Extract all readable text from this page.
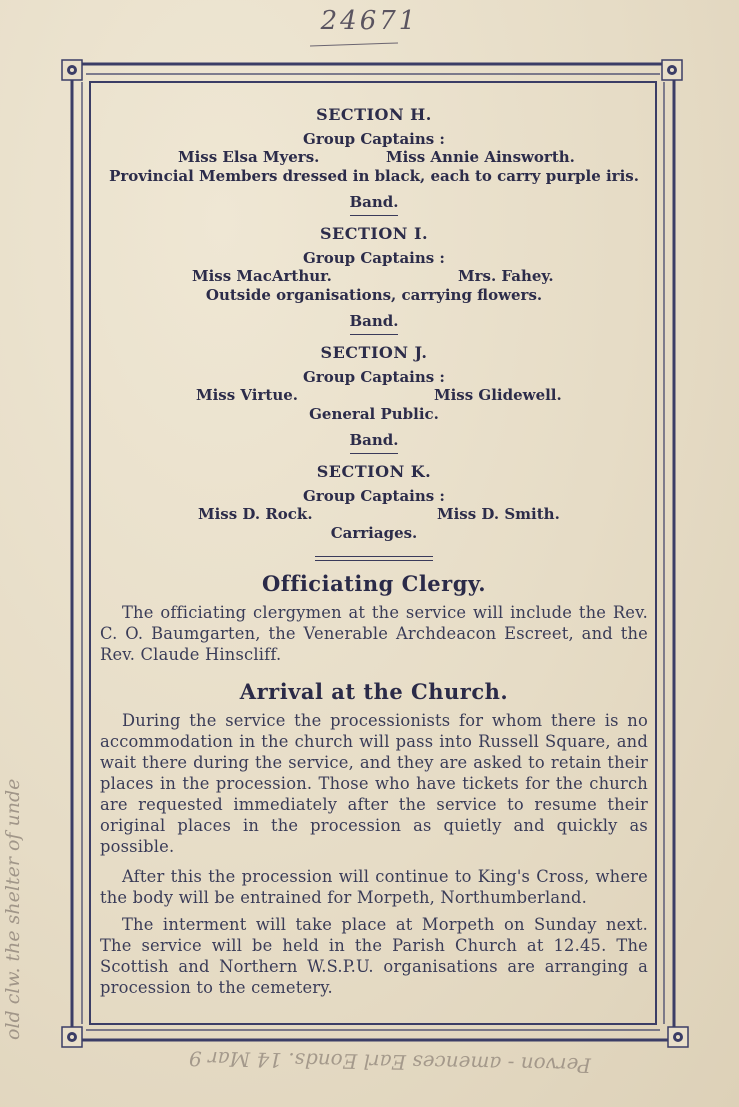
24671
old clw. the shelter of unde
Pervon - amences Earl Eonds. 14 Mar 9
SECTION H.
Group Captains :
Miss Elsa Myers.	Miss Annie Ainsworth.
Provincial Members dressed in black, each to carry purple iris.
Band.
SECTION I.
Group Captains :
Miss MacArthur.	Mrs. Fahey.
Outside organisations, carrying flowers.
Band.
SECTION J.
Group Captains :
Miss Virtue.	Miss Glidewell.
General Public.
Band.
SECTION K.
Group Captains :
Miss D. Rock.	Miss D. Smith.
Carriages.
Officiating Clergy.
The officiating clergymen at the service will include the Rev. C. O. Baumgarten, the Venerable Archdeacon Escreet, and the Rev. Claude Hinscliff.
Arrival at the Church.
During the service the processionists for whom there is no accommodation in the church will pass into Russell Square, and wait there during the service, and they are asked to retain their places in the procession. Those who have tickets for the church are requested immediately after the service to resume their original places in the procession as quietly and quickly as possible.
After this the procession will continue to King's Cross, where the body will be entrained for Morpeth, Northumberland.
The interment will take place at Morpeth on Sunday next. The service will be held in the Parish Church at 12.45. The Scottish and Northern W.S.P.U. organisations are arranging a procession to the cemetery.
